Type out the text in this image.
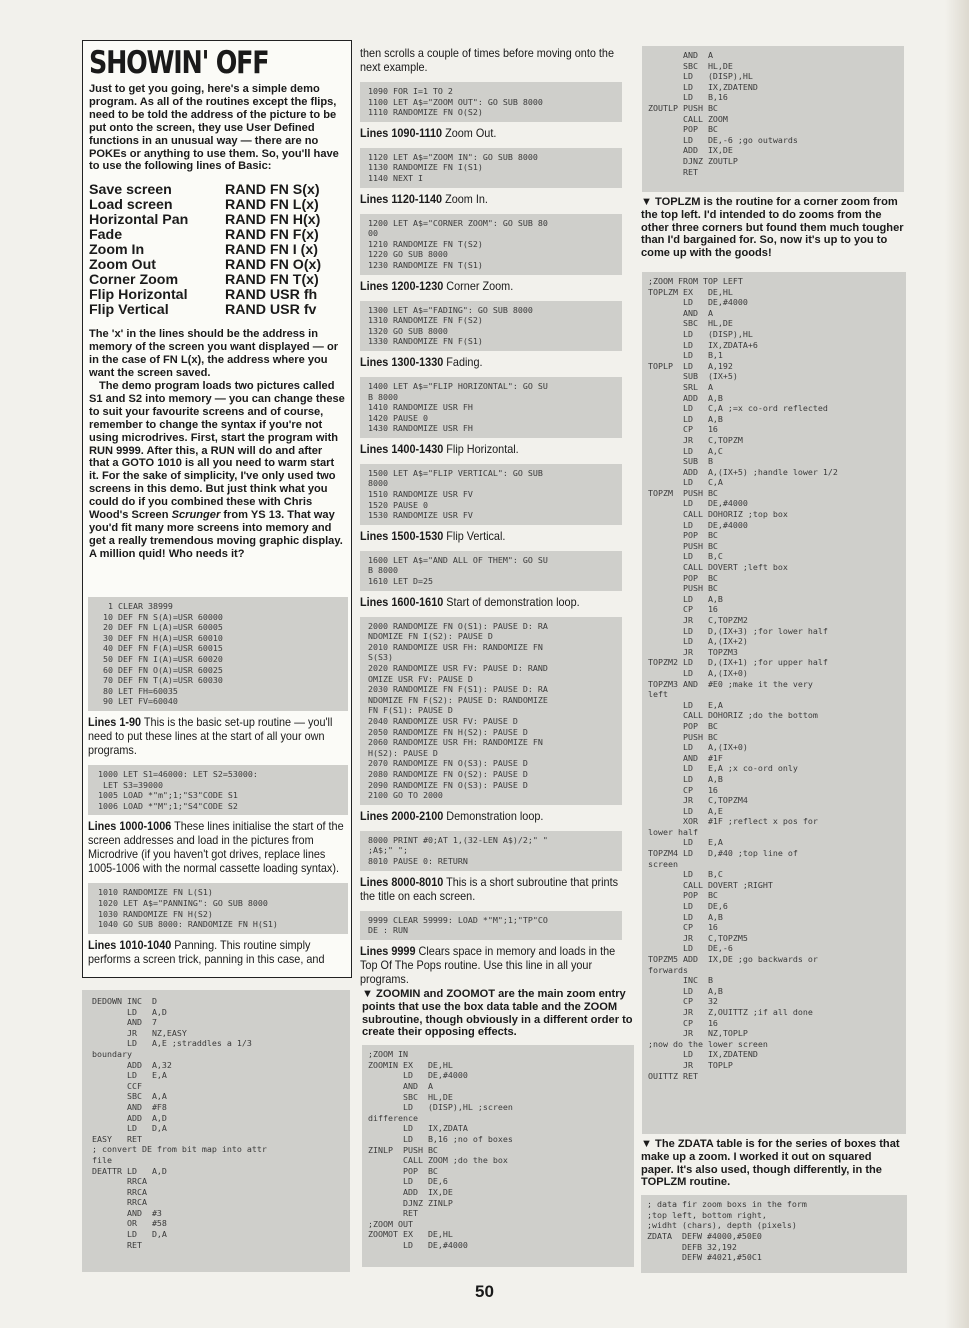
SHOWIN' OFF

Just to get you going, here's a simple demo program. As all of the routines except the flips, need to be told the address of the picture to be put onto the screen, they use User Defined functions in an unusual way — there are no POKEs or anything to use them. So, you'll have to use the following lines of Basic:

Save screen	RAND FN S(x)
Load screen	RAND FN L(x)
Horizontal Pan	RAND FN H(x)
Fade	RAND FN F(x)
Zoom In	RAND FN I (x)
Zoom Out	RAND FN O(x)
Corner Zoom	RAND FN T(x)
Flip Horizontal	RAND USR fh
Flip Vertical	RAND USR fv

The 'x' in the lines should be the address in memory of the screen you want displayed — or in the case of FN L(x), the address where you want the screen saved.

The demo program loads two pictures called S1 and S2 into memory — you can change these to suit your favourite screens and of course, remember to change the syntax if you're not using microdrives. First, start the program with RUN 9999. After this, a RUN will do and after that a GOTO 1010 is all you need to warm start it. For the sake of simplicity, I've only used two screens in this demo. But just think what you could do if you combined these with Chris Wood's Screen Scrunger from YS 13. That way you'd fit many more screens into memory and get a really tremendous moving graphic display. A million quid! Who needs it?

1 CLEAR 38999
10 DEF FN S(A)=USR 60000
20 DEF FN L(A)=USR 60005
30 DEF FN H(A)=USR 60010
40 DEF FN F(A)=USR 60015
50 DEF FN I(A)=USR 60020
60 DEF FN O(A)=USR 60025
70 DEF FN T(A)=USR 60030
80 LET FH=60035
90 LET FV=60040

Lines 1-90 This is the basic set-up routine — you'll need to put these lines at the start of all your own programs.

1000 LET S1=46000: LET S2=53000:
LET S3=39000
1005 LOAD *"m";1;"S3"CODE S1
1006 LOAD *"M";1;"S4"CODE S2

Lines 1000-1006 These lines initialise the start of the screen addresses and load in the pictures from Microdrive (if you haven't got drives, replace lines 1005-1006 with the normal cassette loading syntax).

1010 RANDOMIZE FN L(S1)
1020 LET A$="PANNING": GO SUB 8000
1030 RANDOMIZE FN H(S2)
1040 GO SUB 8000: RANDOMIZE FN H(S1)

Lines 1010-1040 Panning. This routine simply performs a screen trick, panning in this case, and

then scrolls a couple of times before moving onto the next example.

1090 FOR I=1 TO 2
1100 LET A$="ZOOM OUT": GO SUB 8000
1110 RANDOMIZE FN O(S2)

Lines 1090-1110 Zoom Out.

1120 LET A$="ZOOM IN": GO SUB 8000
1130 RANDOMIZE FN I(S1)
1140 NEXT I

Lines 1120-1140 Zoom In.

1200 LET A$="CORNER ZOOM": GO SUB 80
00
1210 RANDOMIZE FN T(S2)
1220 GO SUB 8000
1230 RANDOMIZE FN T(S1)

Lines 1200-1230 Corner Zoom.

1300 LET A$="FADING": GO SUB 8000
1310 RANDOMIZE FN F(S2)
1320 GO SUB 8000
1330 RANDOMIZE FN F(S1)

Lines 1300-1330 Fading.

1400 LET A$="FLIP HORIZONTAL": GO SU
B 8000
1410 RANDOMIZE USR FH
1420 PAUSE 0
1430 RANDOMIZE USR FH

Lines 1400-1430 Flip Horizontal.

1500 LET A$="FLIP VERTICAL": GO SUB
8000
1510 RANDOMIZE USR FV
1520 PAUSE 0
1530 RANDOMIZE USR FV

Lines 1500-1530 Flip Vertical.

1600 LET A$="AND ALL OF THEM": GO SU
B 8000
1610 LET D=25

Lines 1600-1610 Start of demonstration loop.

2000 RANDOMIZE FN O(S1): PAUSE D: RA
NDOMIZE FN I(S2): PAUSE D
2010 RANDOMIZE USR FH: RANDOMIZE FN
S(S3)
2020 RANDOMIZE USR FV: PAUSE D: RAND
OMIZE USR FV: PAUSE D
2030 RANDOMIZE FN F(S1): PAUSE D: RA
NDOMIZE FN F(S2): PAUSE D: RANDOMIZE
FN F(S1): PAUSE D
2040 RANDOMIZE USR FV: PAUSE D
2050 RANDOMIZE FN H(S2): PAUSE D
2060 RANDOMIZE USR FH: RANDOMIZE FN
H(S2): PAUSE D
2070 RANDOMIZE FN O(S3): PAUSE D
2080 RANDOMIZE FN O(S2): PAUSE D
2090 RANDOMIZE FN O(S3): PAUSE D
2100 GO TO 2000

Lines 2000-2100 Demonstration loop.

8000 PRINT #0;AT 1,(32-LEN A$)/2;" "
;A$;" ";
8010 PAUSE 0: RETURN

Lines 8000-8010 This is a short subroutine that prints the title on each screen.

9999 CLEAR 59999: LOAD *"M";1;"TP"CO
DE : RUN

Lines 9999 Clears space in memory and loads in the Top Of The Pops routine. Use this line in all your programs.

DEDOWN INC  D
LD   A,D
AND  7
JR   NZ,EASY
LD   A,E ;straddles a 1/3
boundary
ADD  A,32
LD   E,A
CCF
SBC  A,A
AND  #F8
ADD  A,D
LD   D,A
EASY   RET
; convert DE from bit map into attr
file
DEATTR LD   A,D
RRCA
RRCA
RRCA
AND  #3
OR   #58
LD   D,A
RET

▼ ZOOMIN and ZOOMOT are the main zoom entry points that use the box data table and the ZOOM subroutine, though obviously in a different order to create their opposing effects.

;ZOOM IN
ZOOMIN EX   DE,HL
LD   DE,#4000
AND  A
SBC  HL,DE
LD   (DISP),HL ;screen
difference
LD   IX,ZDATA
LD   B,16 ;no of boxes
ZINLP  PUSH BC
CALL ZOOM ;do the box
POP  BC
LD   DE,6
ADD  IX,DE
DJNZ ZINLP
RET
;ZOOM OUT
ZOOMOT EX   DE,HL
LD   DE,#4000
AND  A
SBC  HL,DE
LD   (DISP),HL
LD   IX,ZDATEND
LD   B,16
ZOUTLP PUSH BC
CALL ZOOM
POP  BC
LD   DE,-6 ;go outwards
ADD  IX,DE
DJNZ ZOUTLP
RET

▼ TOPLZM is the routine for a corner zoom from the top left. I'd intended to do zooms from the other three corners but found them much tougher than I'd bargained for. So, now it's up to you to come up with the goods!

;ZOOM FROM TOP LEFT
TOPLZM EX   DE,HL
LD   DE,#4000
AND  A
SBC  HL,DE
LD   (DISP),HL
LD   IX,ZDATA+6
LD   B,1
TOPLP  LD   A,192
SUB  (IX+5)
SRL  A
ADD  A,B
LD   C,A ;=x co-ord reflected
LD   A,B
CP   16
JR   C,TOPZM
LD   A,C
SUB  B
ADD  A,(IX+5) ;handle lower 1/2
LD   C,A
TOPZM  PUSH BC
LD   DE,#4000
CALL DOHORIZ ;top box
LD   DE,#4000
POP  BC
PUSH BC
LD   B,C
CALL DOVERT ;left box
POP  BC
PUSH BC
LD   A,B
CP   16
JR   C,TOPZM2
LD   D,(IX+3) ;for lower half
LD   A,(IX+2)
JR   TOPZM3
TOPZM2 LD   D,(IX+1) ;for upper half
LD   A,(IX+0)
TOPZM3 AND  #E0 ;make it the very
left
LD   E,A
CALL DOHORIZ ;do the bottom
POP  BC
PUSH BC
LD   A,(IX+0)
AND  #1F
LD   E,A ;x co-ord only
LD   A,B
CP   16
JR   C,TOPZM4
LD   A,E
XOR  #1F ;reflect x pos for
lower half
LD   E,A
TOPZM4 LD   D,#40 ;top line of
screen
LD   B,C
CALL DOVERT ;RIGHT
POP  BC
LD   DE,6
LD   A,B
CP   16
JR   C,TOPZM5
LD   DE,-6
TOPZM5 ADD  IX,DE ;go backwards or
forwards
INC  B
LD   A,B
CP   32
JR   Z,OUITTZ ;if all done
CP   16
JR   NZ,TOPLP
;now do the lower screen
LD   IX,ZDATEND
JR   TOPLP
OUITTZ RET

▼ The ZDATA table is for the series of boxes that make up a zoom. I worked it out on squared paper. It's also used, though differently, in the TOPLZM routine.

; data fir zoom boxs in the form
;top left, bottom right,
;widht (chars), depth (pixels)
ZDATA  DEFW #4000,#50E0
DEFB 32,192
DEFW #4021,#50C1
50
